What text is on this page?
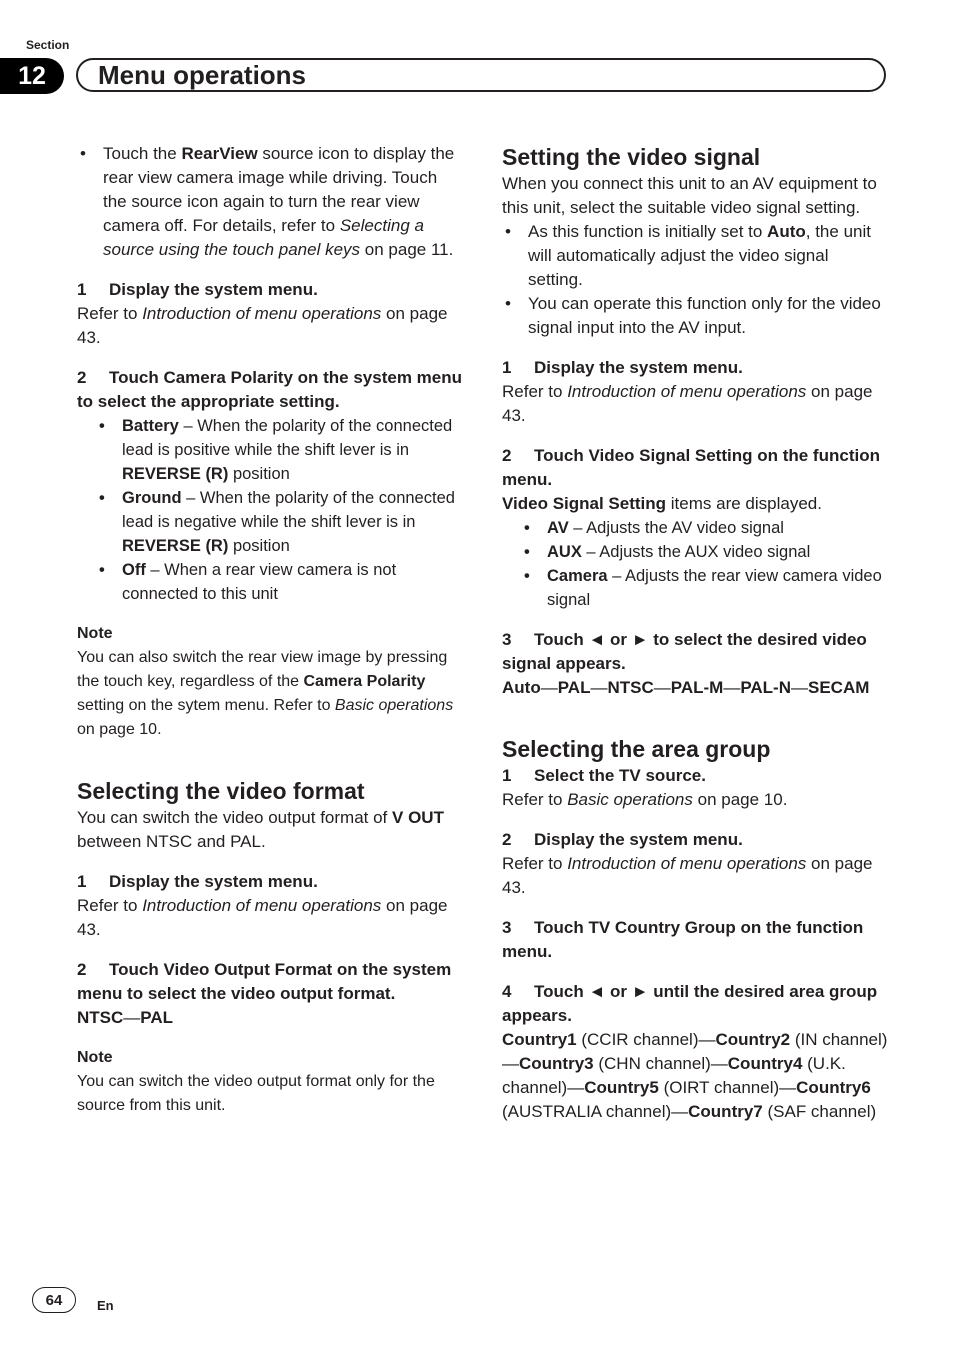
Section
12	Menu operations

• Touch the RearView source icon to display the rear view camera image while driving. Touch the source icon again to turn the rear view camera off. For details, refer to Selecting a source using the touch panel keys on page 11.

1 Display the system menu.

Refer to Introduction of menu operations on page 43.

2 Touch Camera Polarity on the system menu to select the appropriate setting.

• Battery – When the polarity of the connected lead is positive while the shift lever is in REVERSE (R) position

• Ground – When the polarity of the connected lead is negative while the shift lever is in REVERSE (R) position

• Off – When a rear view camera is not connected to this unit

Note

You can also switch the rear view image by pressing the touch key, regardless of the Camera Polarity setting on the sytem menu. Refer to Basic operations on page 10.

Selecting the video format

You can switch the video output format of V OUT between NTSC and PAL.

1 Display the system menu.

Refer to Introduction of menu operations on page 43.

2 Touch Video Output Format on the system menu to select the video output format.

NTSC—PAL

Note

You can switch the video output format only for the source from this unit.

Setting the video signal

When you connect this unit to an AV equipment to this unit, select the suitable video signal setting.

• As this function is initially set to Auto, the unit will automatically adjust the video signal setting.

• You can operate this function only for the video signal input into the AV input.

1 Display the system menu.

Refer to Introduction of menu operations on page 43.

2 Touch Video Signal Setting on the function menu.

Video Signal Setting items are displayed.

• AV – Adjusts the AV video signal

• AUX – Adjusts the AUX video signal

• Camera – Adjusts the rear view camera video signal

3 Touch ◄ or ► to select the desired video signal appears.

Auto—PAL—NTSC—PAL-M—PAL-N—SECAM

Selecting the area group

1 Select the TV source.

Refer to Basic operations on page 10.

2 Display the system menu.

Refer to Introduction of menu operations on page 43.

3 Touch TV Country Group on the function menu.

4 Touch ◄ or ► until the desired area group appears.

Country1 (CCIR channel)—Country2 (IN channel)—Country3 (CHN channel)—Country4 (U.K. channel)—Country5 (OIRT channel)—Country6 (AUSTRALIA channel)—Country7 (SAF channel)

64	En
